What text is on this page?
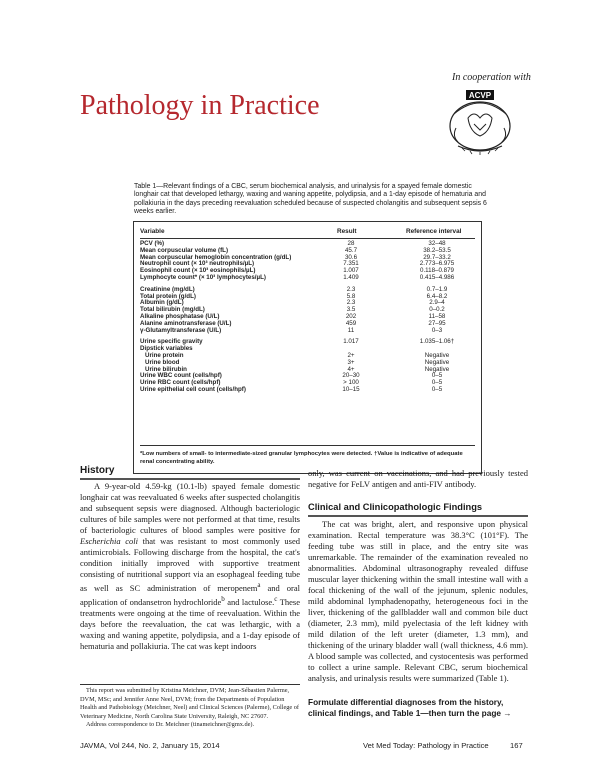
In cooperation with
ACVP
Pathology in Practice
Table 1—Relevant findings of a CBC, serum biochemical analysis, and urinalysis for a spayed female domestic longhair cat that developed lethargy, waxing and waning appetite, polydipsia, and a 1-day episode of hematuria and pollakiuria in the days preceding reevaluation scheduled because of suspected cholangitis and subsequent sepsis 6 weeks earlier.
Variable	Result	Reference interval
PCV (%)	28	32–48
Mean corpuscular volume (fL)	45.7	38.2–53.5
Mean corpuscular hemoglobin concentration (g/dL)	30.6	29.7–33.2
Neutrophil count (× 10³ neutrophils/µL)	7.351	2.773–6.975
Eosinophil count (× 10³ eosinophils/µL)	1.007	0.118–0.879
Lymphocyte count* (× 10³ lymphocytes/µL)	1.409	0.415–4.986
Creatinine (mg/dL)	2.3	0.7–1.9
Total protein (g/dL)	5.8	6.4–8.2
Albumin (g/dL)	2.3	2.9–4
Total bilirubin (mg/dL)	3.5	0–0.2
Alkaline phosphatase (U/L)	202	11–58
Alanine aminotransferase (U/L)	459	27–95
γ-Glutamyltransferase (U/L)	11	0–3
Urine specific gravity	1.017	1.035–1.06†
Dipstick variables
Urine protein	2+	Negative
Urine blood	3+	Negative
Urine bilirubin	4+	Negative
Urine WBC count (cells/hpf)	20–30	0–5
Urine RBC count (cells/hpf)	> 100	0–5
Urine epithelial cell count (cells/hpf)	10–15	0–5
*Low numbers of small- to intermediate-sized granular lymphocytes were detected. †Value is indicative of adequate renal concentrating ability.
History

A 9-year-old 4.59-kg (10.1-lb) spayed female domestic longhair cat was reevaluated 6 weeks after suspected cholangitis and subsequent sepsis were diagnosed. Although bacteriologic cultures of bile samples were not performed at that time, results of bacteriologic cultures of blood samples were positive for Escherichia coli that was resistant to most commonly used antimicrobials. Following discharge from the hospital, the cat's condition initially improved with supportive treatment consisting of nutritional support via an esophageal feeding tube as well as SC administration of meropenem$^a$ and oral application of ondansetron hydrochloride$^b$ and lactulose.$^c$ These treatments were ongoing at the time of reevaluation. Within the days before the reevaluation, the cat was lethargic, with a waxing and waning appetite, polydipsia, and a 1-day episode of hematuria and pollakiuria. The cat was kept indoors

This report was submitted by Kristina Meichner, DVM; Jean-Sébastien Palerme, DVM, MSc; and Jennifer Anne Neel, DVM; from the Departments of Population Health and Pathobiology (Meichner, Neel) and Clinical Sciences (Palerme), College of Veterinary Medicine, North Carolina State University, Raleigh, NC 27607.

Address correspondence to Dr. Meichner (tinameichner@gmx.de).

only, was current on vaccinations, and had previously tested negative for FeLV antigen and anti-FIV antibody.

Clinical and Clinicopathologic Findings

The cat was bright, alert, and responsive upon physical examination. Rectal temperature was 38.3°C (101°F). The feeding tube was still in place, and the entry site was unremarkable. The remainder of the examination revealed no abnormalities. Abdominal ultrasonography revealed diffuse muscular layer thickening within the small intestine wall with a focal thickening of the wall of the jejunum, splenic nodules, mild abdominal lymphadenopathy, heterogeneous foci in the liver, thickening of the gallbladder wall and common bile duct (diameter, 2.3 mm), mild pyelectasia of the left kidney with mild dilation of the left ureter (diameter, 1.3 mm), and thickening of the urinary bladder wall (wall thickness, 4.6 mm). A blood sample was collected, and cystocentesis was performed to collect a urine sample. Relevant CBC, serum biochemical analysis, and urinalysis results were summarized (Table 1).

Formulate differential diagnoses from the history, clinical findings, and Table 1—then turn the page →
JAVMA, Vol 244, No. 2, January 15, 2014	Vet Med Today: Pathology in Practice	167
